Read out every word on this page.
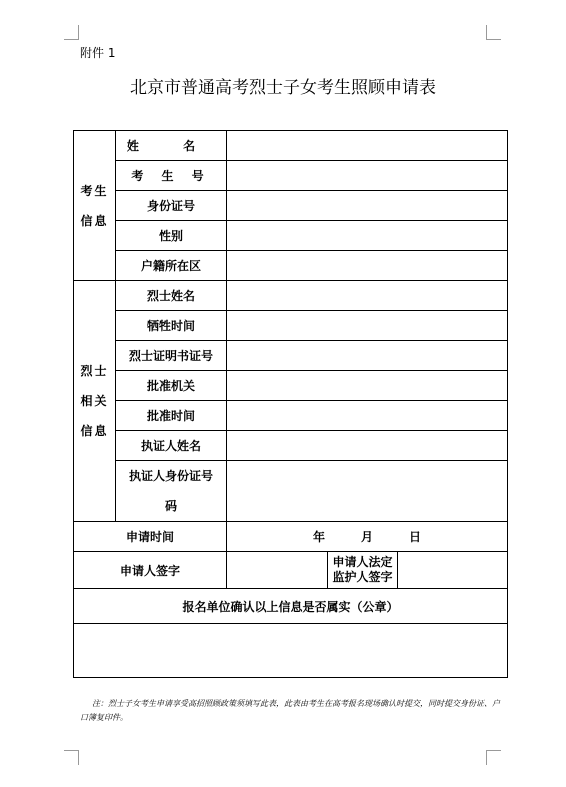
附件 1
北京市普通高考烈士子女考生照顾申请表
考生
信息	姓 名			
	考 生 号			
	身份证号			
	性别			
	户籍所在区			
烈士
相关
信息	烈士姓名			
	牺牲时间			
	烈士证明书证号			
	批准机关			
	批准时间			
	执证人姓名			
	执证人身份证号
码			
申请时间		年 月 日		
申请人签字			申请人法定
监护人签字	
报名单位确认以上信息是否属实（公章）				

注：烈士子女考生申请享受高招照顾政策须填写此表，此表由考生在高考报名现场确认时提交，同时提交身份证、户口簿复印件。
